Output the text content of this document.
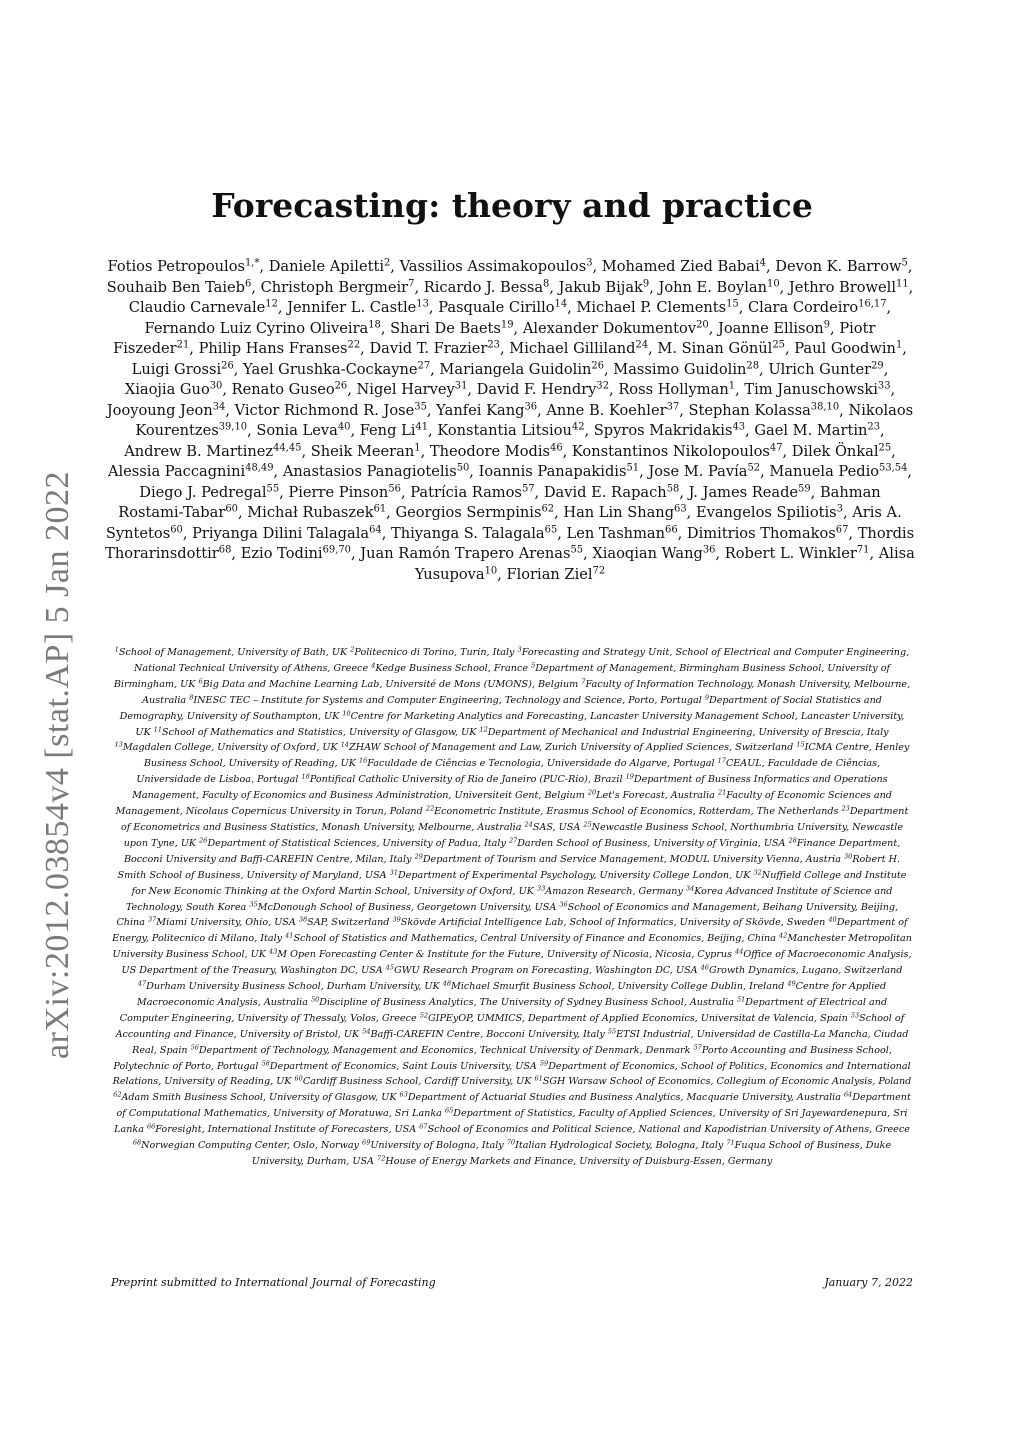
arXiv:2012.03854v4 [stat.AP] 5 Jan 2022
Forecasting: theory and practice
Fotios Petropoulos$^{1,*}$, Daniele Apiletti$^2$, Vassilios Assimakopoulos$^3$, Mohamed Zied Babai$^4$, Devon K. Barrow$^5$, Souhaib Ben Taieb$^6$, Christoph Bergmeir$^7$, Ricardo J. Bessa$^8$, Jakub Bijak$^9$, John E. Boylan$^{10}$, Jethro Browell$^{11}$, Claudio Carnevale$^{12}$, Jennifer L. Castle$^{13}$, Pasquale Cirillo$^{14}$, Michael P. Clements$^{15}$, Clara Cordeiro$^{16,17}$, Fernando Luiz Cyrino Oliveira$^{18}$, Shari De Baets$^{19}$, Alexander Dokumentov$^{20}$, Joanne Ellison$^9$, Piotr Fiszeder$^{21}$, Philip Hans Franses$^{22}$, David T. Frazier$^{23}$, Michael Gilliland$^{24}$, M. Sinan Gönül$^{25}$, Paul Goodwin$^1$, Luigi Grossi$^{26}$, Yael Grushka-Cockayne$^{27}$, Mariangela Guidolin$^{26}$, Massimo Guidolin$^{28}$, Ulrich Gunter$^{29}$, Xiaojia Guo$^{30}$, Renato Guseo$^{26}$, Nigel Harvey$^{31}$, David F. Hendry$^{32}$, Ross Hollyman$^1$, Tim Januschowski$^{33}$, Jooyoung Jeon$^{34}$, Victor Richmond R. Jose$^{35}$, Yanfei Kang$^{36}$, Anne B. Koehler$^{37}$, Stephan Kolassa$^{38,10}$, Nikolaos Kourentzes$^{39,10}$, Sonia Leva$^{40}$, Feng Li$^{41}$, Konstantia Litsiou$^{42}$, Spyros Makridakis$^{43}$, Gael M. Martin$^{23}$, Andrew B. Martinez$^{44,45}$, Sheik Meeran$^1$, Theodore Modis$^{46}$, Konstantinos Nikolopoulos$^{47}$, Dilek Önkal$^{25}$, Alessia Paccagnini$^{48,49}$, Anastasios Panagiotelis$^{50}$, Ioannis Panapakidis$^{51}$, Jose M. Pavía$^{52}$, Manuela Pedio$^{53,54}$, Diego J. Pedregal$^{55}$, Pierre Pinson$^{56}$, Patrícia Ramos$^{57}$, David E. Rapach$^{58}$, J. James Reade$^{59}$, Bahman Rostami-Tabar$^{60}$, Michał Rubaszek$^{61}$, Georgios Sermpinis$^{62}$, Han Lin Shang$^{63}$, Evangelos Spiliotis$^3$, Aris A. Syntetos$^{60}$, Priyanga Dilini Talagala$^{64}$, Thiyanga S. Talagala$^{65}$, Len Tashman$^{66}$, Dimitrios Thomakos$^{67}$, Thordis Thorarinsdottir$^{68}$, Ezio Todini$^{69,70}$, Juan Ramón Trapero Arenas$^{55}$, Xiaoqian Wang$^{36}$, Robert L. Winkler$^{71}$, Alisa Yusupova$^{10}$, Florian Ziel$^{72}$
$^1$School of Management, University of Bath, UK $^2$Politecnico di Torino, Turin, Italy $^3$Forecasting and Strategy Unit, School of Electrical and Computer Engineering, National Technical University of Athens, Greece $^4$Kedge Business School, France $^5$Department of Management, Birmingham Business School, University of Birmingham, UK $^6$Big Data and Machine Learning Lab, Université de Mons (UMONS), Belgium $^7$Faculty of Information Technology, Monash University, Melbourne, Australia $^8$INESC TEC – Institute for Systems and Computer Engineering, Technology and Science, Porto, Portugal $^9$Department of Social Statistics and Demography, University of Southampton, UK $^{10}$Centre for Marketing Analytics and Forecasting, Lancaster University Management School, Lancaster University, UK $^{11}$School of Mathematics and Statistics, University of Glasgow, UK $^{12}$Department of Mechanical and Industrial Engineering, University of Brescia, Italy $^{13}$Magdalen College, University of Oxford, UK $^{14}$ZHAW School of Management and Law, Zurich University of Applied Sciences, Switzerland $^{15}$ICMA Centre, Henley Business School, University of Reading, UK $^{16}$Faculdade de Ciências e Tecnologia, Universidade do Algarve, Portugal $^{17}$CEAUL, Faculdade de Ciências, Universidade de Lisboa, Portugal $^{18}$Pontifical Catholic University of Rio de Janeiro (PUC-Rio), Brazil $^{19}$Department of Business Informatics and Operations Management, Faculty of Economics and Business Administration, Universiteit Gent, Belgium $^{20}$Let's Forecast, Australia $^{21}$Faculty of Economic Sciences and Management, Nicolaus Copernicus University in Torun, Poland $^{22}$Econometric Institute, Erasmus School of Economics, Rotterdam, The Netherlands $^{23}$Department of Econometrics and Business Statistics, Monash University, Melbourne, Australia $^{24}$SAS, USA $^{25}$Newcastle Business School, Northumbria University, Newcastle upon Tyne, UK $^{26}$Department of Statistical Sciences, University of Padua, Italy $^{27}$Darden School of Business, University of Virginia, USA $^{28}$Finance Department, Bocconi University and Baffi-CAREFIN Centre, Milan, Italy $^{29}$Department of Tourism and Service Management, MODUL University Vienna, Austria $^{30}$Robert H. Smith School of Business, University of Maryland, USA $^{31}$Department of Experimental Psychology, University College London, UK $^{32}$Nuffield College and Institute for New Economic Thinking at the Oxford Martin School, University of Oxford, UK $^{33}$Amazon Research, Germany $^{34}$Korea Advanced Institute of Science and Technology, South Korea $^{35}$McDonough School of Business, Georgetown University, USA $^{36}$School of Economics and Management, Beihang University, Beijing, China $^{37}$Miami University, Ohio, USA $^{38}$SAP, Switzerland $^{39}$Skövde Artificial Intelligence Lab, School of Informatics, University of Skövde, Sweden $^{40}$Department of Energy, Politecnico di Milano, Italy $^{41}$School of Statistics and Mathematics, Central University of Finance and Economics, Beijing, China $^{42}$Manchester Metropolitan University Business School, UK $^{43}$M Open Forecasting Center & Institute for the Future, University of Nicosia, Nicosia, Cyprus $^{44}$Office of Macroeconomic Analysis, US Department of the Treasury, Washington DC, USA $^{45}$GWU Research Program on Forecasting, Washington DC, USA $^{46}$Growth Dynamics, Lugano, Switzerland $^{47}$Durham University Business School, Durham University, UK $^{48}$Michael Smurfit Business School, University College Dublin, Ireland $^{49}$Centre for Applied Macroeconomic Analysis, Australia $^{50}$Discipline of Business Analytics, The University of Sydney Business School, Australia $^{51}$Department of Electrical and Computer Engineering, University of Thessaly, Volos, Greece $^{52}$GIPEyOP, UMMICS, Department of Applied Economics, Universitat de Valencia, Spain $^{53}$School of Accounting and Finance, University of Bristol, UK $^{54}$Baffi-CAREFIN Centre, Bocconi University, Italy $^{55}$ETSI Industrial, Universidad de Castilla-La Mancha, Ciudad Real, Spain $^{56}$Department of Technology, Management and Economics, Technical University of Denmark, Denmark $^{57}$Porto Accounting and Business School, Polytechnic of Porto, Portugal $^{58}$Department of Economics, Saint Louis University, USA $^{59}$Department of Economics, School of Politics, Economics and International Relations, University of Reading, UK $^{60}$Cardiff Business School, Cardiff University, UK $^{61}$SGH Warsaw School of Economics, Collegium of Economic Analysis, Poland $^{62}$Adam Smith Business School, University of Glasgow, UK $^{63}$Department of Actuarial Studies and Business Analytics, Macquarie University, Australia $^{64}$Department of Computational Mathematics, University of Moratuwa, Sri Lanka $^{65}$Department of Statistics, Faculty of Applied Sciences, University of Sri Jayewardenepura, Sri Lanka $^{66}$Foresight, International Institute of Forecasters, USA $^{67}$School of Economics and Political Science, National and Kapodistrian University of Athens, Greece $^{68}$Norwegian Computing Center, Oslo, Norway $^{69}$University of Bologna, Italy $^{70}$Italian Hydrological Society, Bologna, Italy $^{71}$Fuqua School of Business, Duke University, Durham, USA $^{72}$House of Energy Markets and Finance, University of Duisburg-Essen, Germany
Preprint submitted to International Journal of Forecasting	January 7, 2022
